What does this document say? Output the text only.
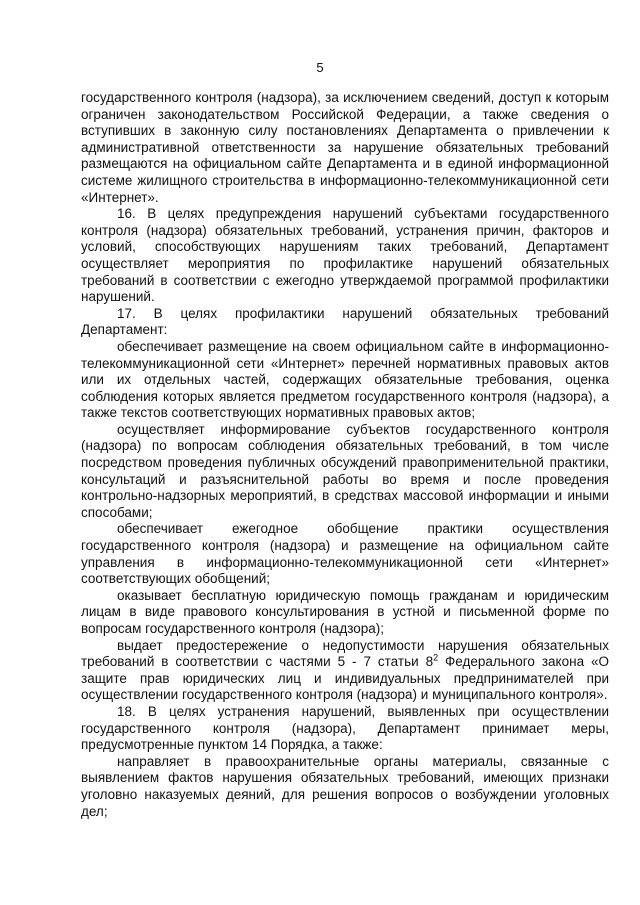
5

государственного контроля (надзора), за исключением сведений, доступ к которым ограничен законодательством Российской Федерации, а также сведения о вступивших в законную силу постановлениях Департамента о привлечении к административной ответственности за нарушение обязательных требований размещаются на официальном сайте Департамента и в единой информационной системе жилищного строительства в информационно-телекоммуникационной сети «Интернет».

16. В целях предупреждения нарушений субъектами государственного контроля (надзора) обязательных требований, устранения причин, факторов и условий, способствующих нарушениям таких требований, Департамент осуществляет мероприятия по профилактике нарушений обязательных требований в соответствии с ежегодно утверждаемой программой профилактики нарушений.

17. В целях профилактики нарушений обязательных требований Департамент:

обеспечивает размещение на своем официальном сайте в информационно-телекоммуникационной сети «Интернет» перечней нормативных правовых актов или их отдельных частей, содержащих обязательные требования, оценка соблюдения которых является предметом государственного контроля (надзора), а также текстов соответствующих нормативных правовых актов;

осуществляет информирование субъектов государственного контроля (надзора) по вопросам соблюдения обязательных требований, в том числе посредством проведения публичных обсуждений правоприменительной практики, консультаций и разъяснительной работы во время и после проведения контрольно-надзорных мероприятий, в средствах массовой информации и иными способами;

обеспечивает ежегодное обобщение практики осуществления государственного контроля (надзора) и размещение на официальном сайте управления в информационно-телекоммуникационной сети «Интернет» соответствующих обобщений;

оказывает бесплатную юридическую помощь гражданам и юридическим лицам в виде правового консультирования в устной и письменной форме по вопросам государственного контроля (надзора);

выдает предостережение о недопустимости нарушения обязательных требований в соответствии с частями 5 - 7 статьи $8^2$ Федерального закона «О защите прав юридических лиц и индивидуальных предпринимателей при осуществлении государственного контроля (надзора) и муниципального контроля».

18. В целях устранения нарушений, выявленных при осуществлении государственного контроля (надзора), Департамент принимает меры, предусмотренные пунктом 14 Порядка, а также:

направляет в правоохранительные органы материалы, связанные с выявлением фактов нарушения обязательных требований, имеющих признаки уголовно наказуемых деяний, для решения вопросов о возбуждении уголовных дел;
